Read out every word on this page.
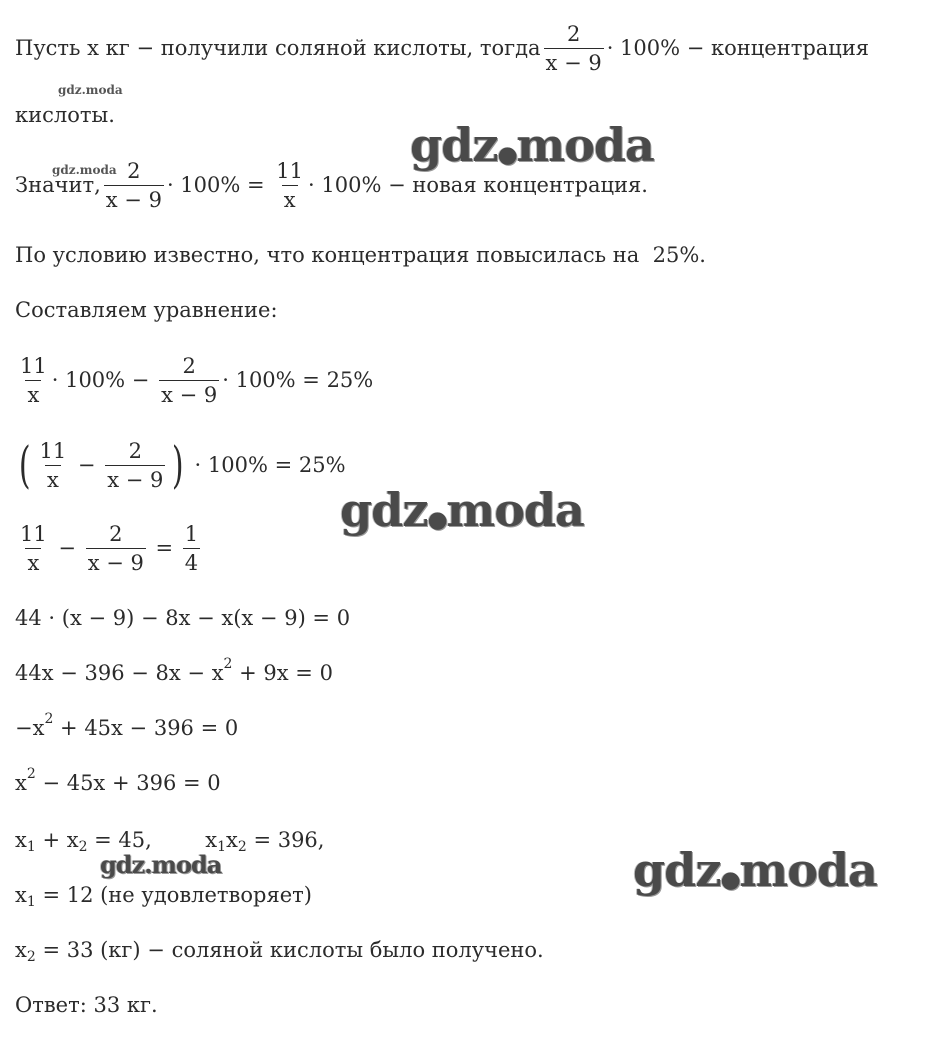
Пусть x кг − получили соляной кислоты, тогда $\frac{2}{x - 9} \cdot 100\%$ − концентрация
кислоты.
Значит, $\frac{2}{x - 9} \cdot 100\% = \frac{11}{x} \cdot 100\%$ − новая концентрация.
По условию известно, что концентрация повысилась на  25%.
Составляем уравнение:
$\frac{11}{x} \cdot 100\% - \frac{2}{x - 9} \cdot 100\% = 25\%$
( $\frac{11}{x} - \frac{2}{x - 9}$ ) · 100% = 25%
$\frac{11}{x} - \frac{2}{x - 9} = \frac{1}{4}$
44 · (x − 9) − 8x − x(x − 9) = 0
44x − 396 − 8x − x 2 + 9x = 0
−x 2 + 45x − 396 = 0
x 2 − 45x + 396 = 0
x 1 + x 2 = 45,        x 1 x 2 = 396,
x 1 = 12 (не удовлетворяет)
x 2 = 33 (кг) − соляной кислоты было получено.
Ответ: 33 кг.
gdz.moda
gdz.moda	gdz●moda
gdz●moda
gdz●moda
gdz.moda
